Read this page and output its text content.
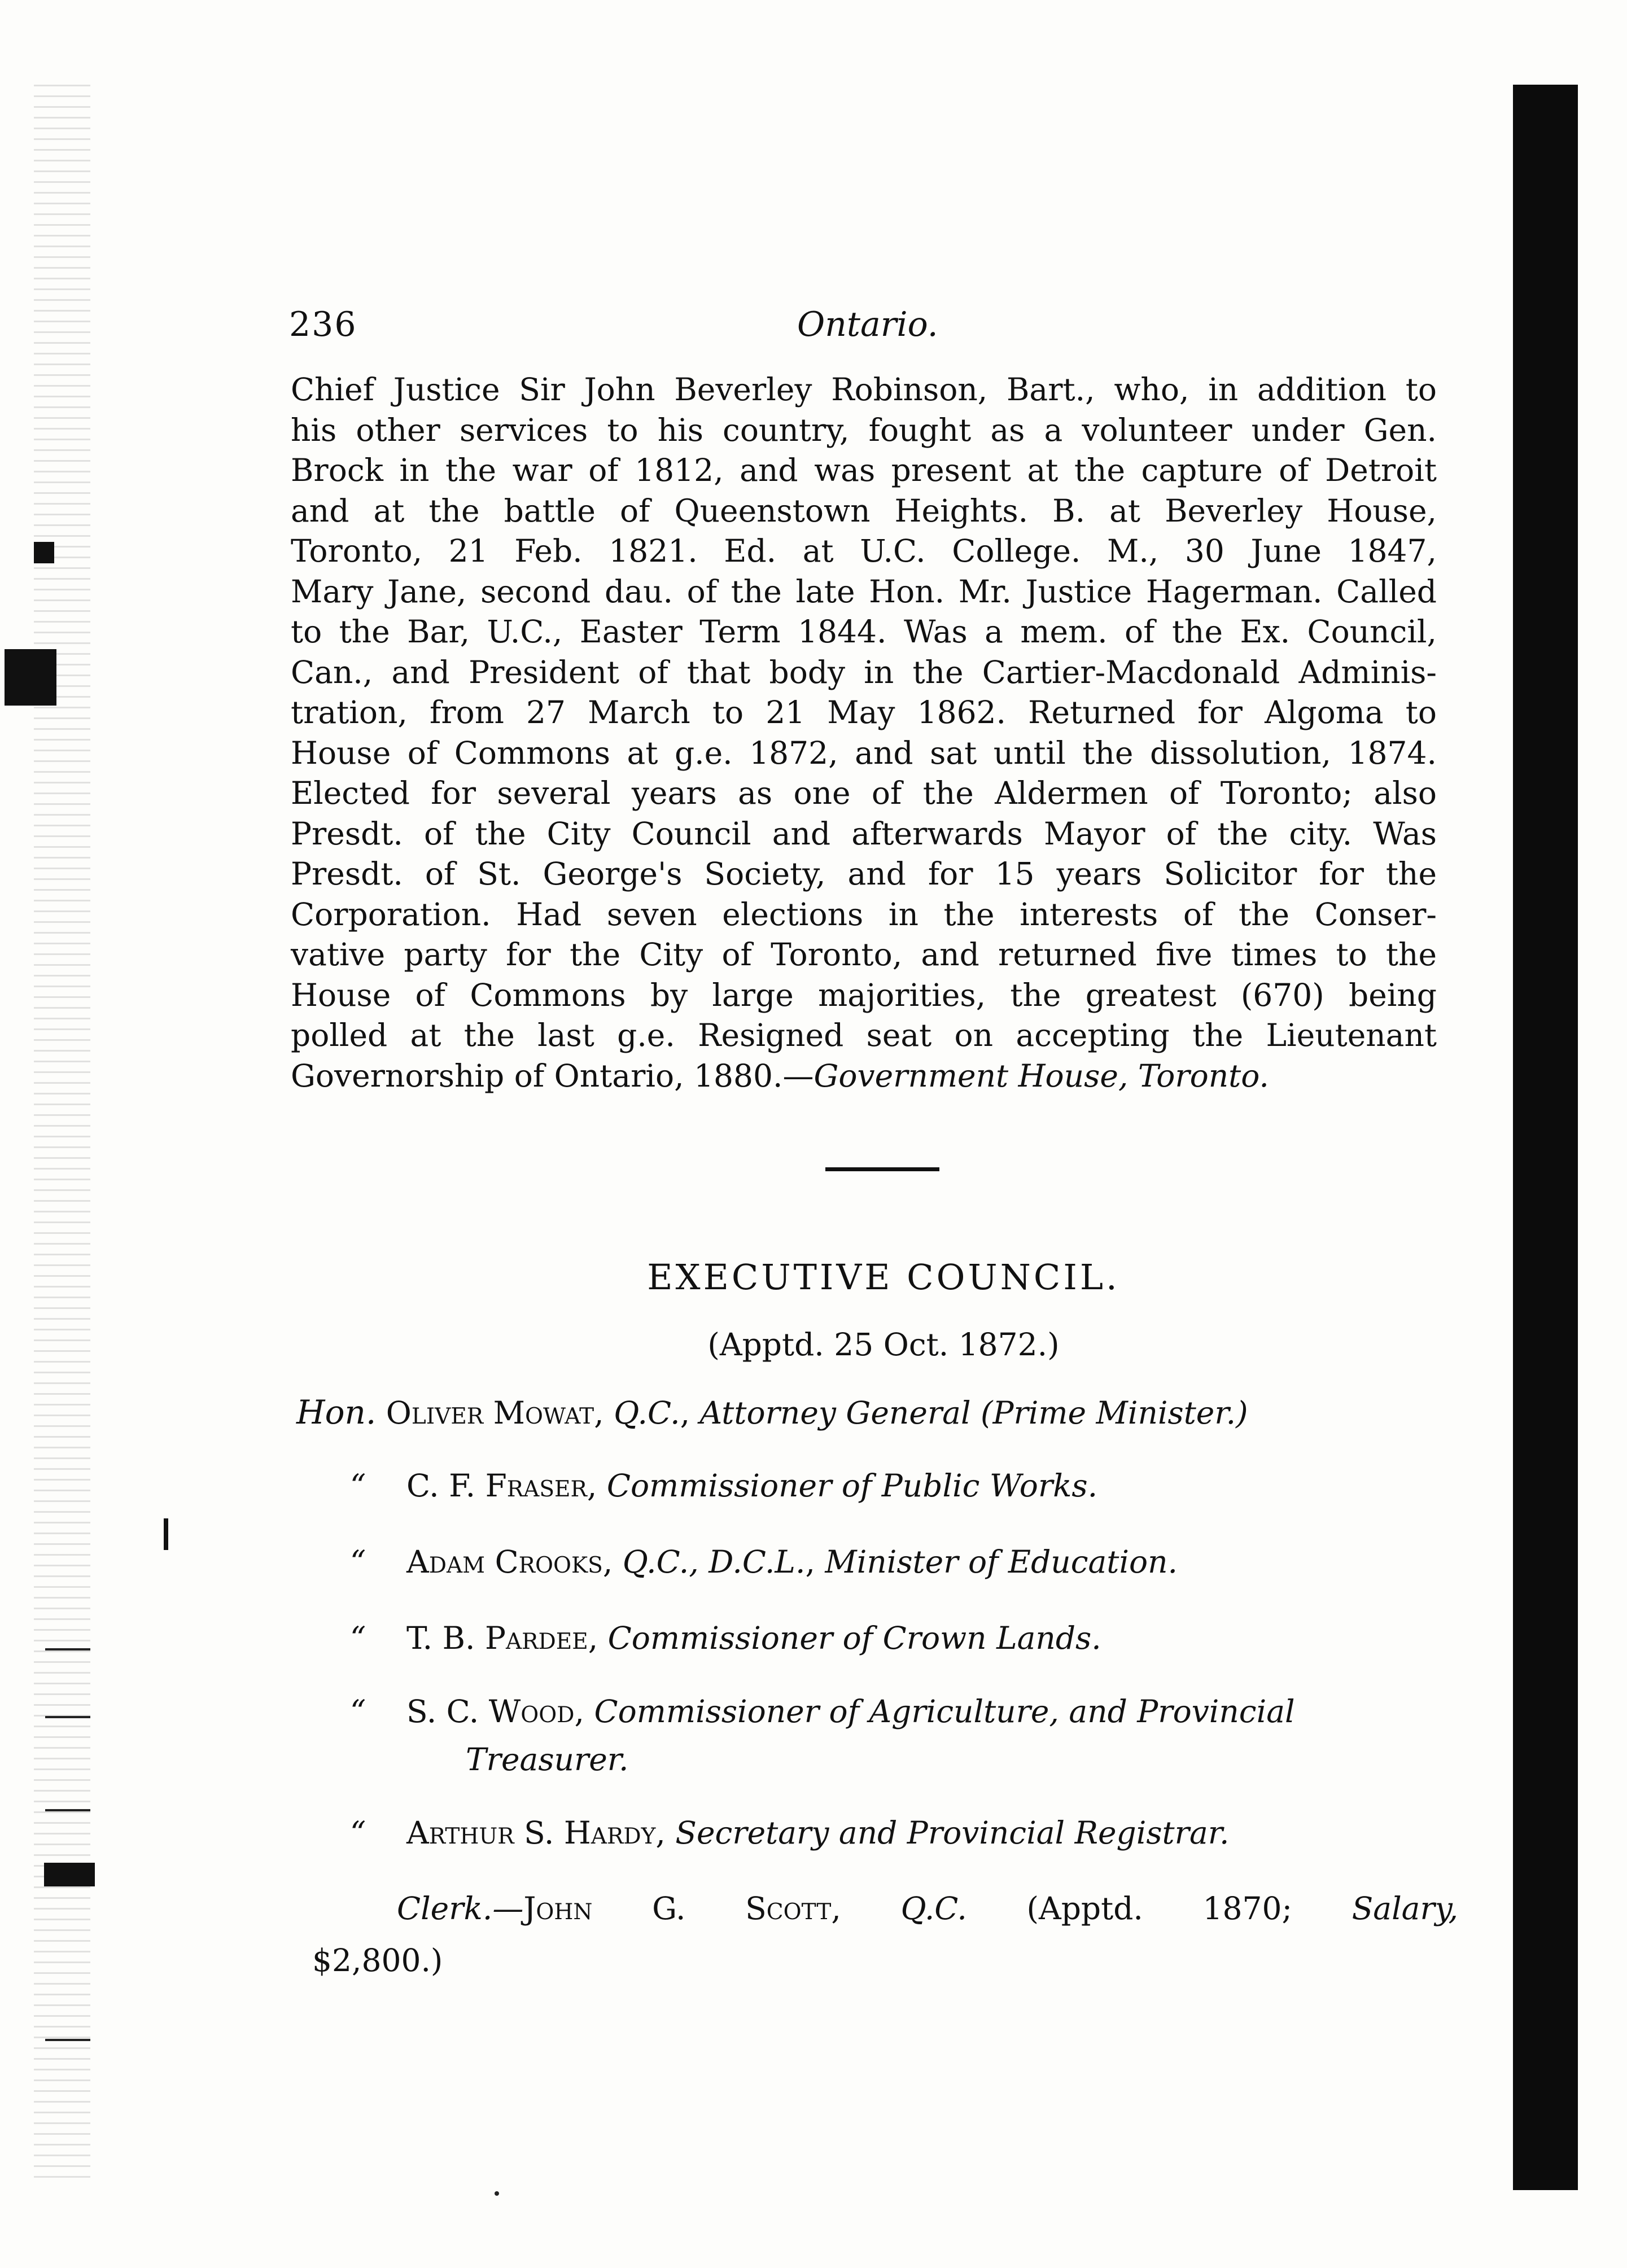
236	Ontario.
Chief Justice Sir John Beverley Robinson, Bart., who, in addition to
his other services to his country, fought as a volunteer under Gen.
Brock in the war of 1812, and was present at the capture of Detroit
and at the battle of Queenstown Heights. B. at Beverley House,
Toronto, 21 Feb. 1821. Ed. at U.C. College. M., 30 June 1847,
Mary Jane, second dau. of the late Hon. Mr. Justice Hagerman. Called
to the Bar, U.C., Easter Term 1844. Was a mem. of the Ex. Council,
Can., and President of that body in the Cartier-Macdonald Adminis-
tration, from 27 March to 21 May 1862. Returned for Algoma to
House of Commons at g.e. 1872, and sat until the dissolution, 1874.
Elected for several years as one of the Aldermen of Toronto; also
Presdt. of the City Council and afterwards Mayor of the city. Was
Presdt. of St. George's Society, and for 15 years Solicitor for the
Corporation. Had seven elections in the interests of the Conser-
vative party for the City of Toronto, and returned five times to the
House of Commons by large majorities, the greatest (670) being
polled at the last g.e. Resigned seat on accepting the Lieutenant
Governorship of Ontario, 1880.—Government House, Toronto.
EXECUTIVE COUNCIL.
(Apptd. 25 Oct. 1872.)
Hon. Oliver Mowat, Q.C., Attorney General (Prime Minister.)
“ C. F. Fraser, Commissioner of Public Works.
“ Adam Crooks, Q.C., D.C.L., Minister of Education.
“ T. B. Pardee, Commissioner of Crown Lands.
“ S. C. Wood, Commissioner of Agriculture, and Provincial
Treasurer.
“ Arthur S. Hardy, Secretary and Provincial Registrar.
Clerk.—John G. Scott, Q.C. (Apptd. 1870; Salary,
$2,800.)
